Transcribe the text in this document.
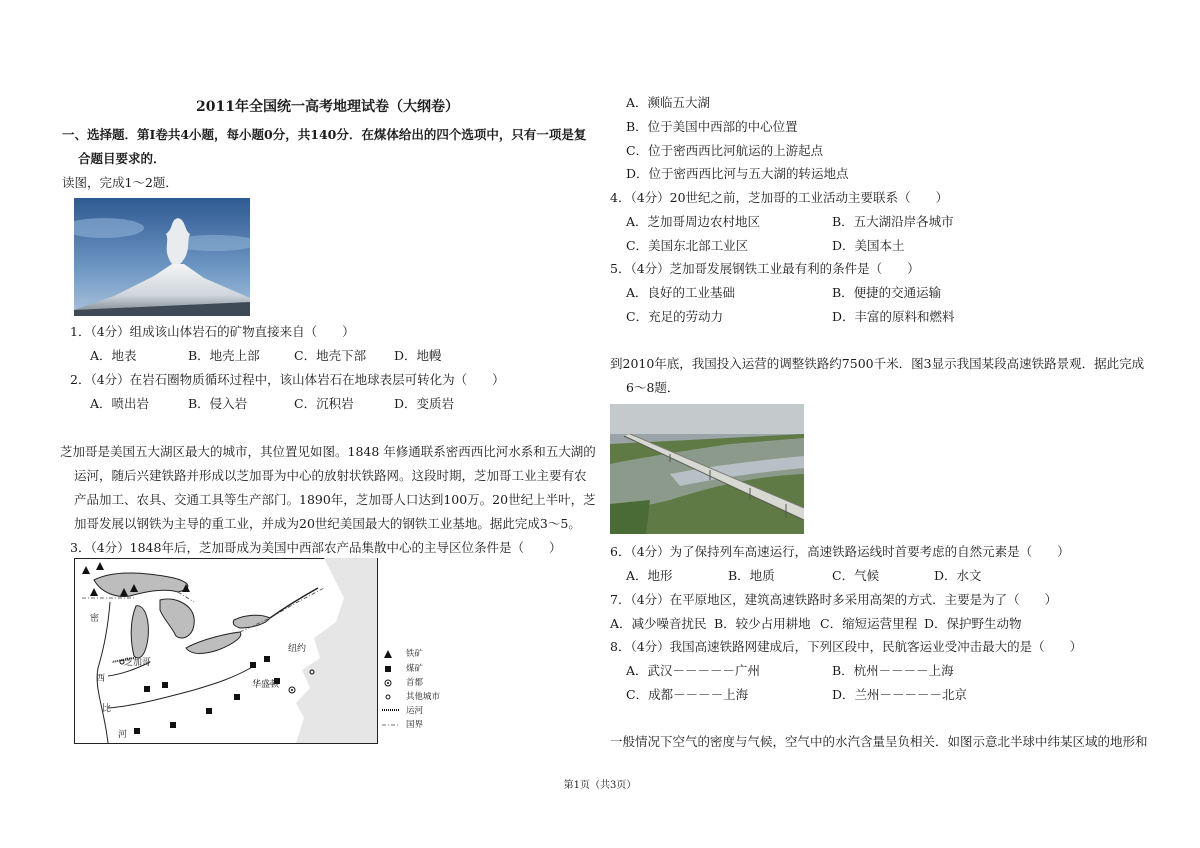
2011年全国统一高考地理试卷（大纲卷）
一、选择题．第Ⅰ卷共4小题，每小题0分，共140分．在煤体给出的四个选项中，只有一项是复
合题目要求的．
读图，完成1～2题．
1．（4分）组成该山体岩石的矿物直接来自（　　）
A．地表	B．地壳上部	C．地壳下部 D．地幔
2．（4分）在岩石圈物质循环过程中，该山体岩石在地球表层可转化为（　　）
A．喷出岩	B．侵入岩	C．沉积岩	D．变质岩
芝加哥是美国五大湖区最大的城市，其位置见如图。1848 年修通联系密西西比河水系和五大湖的
运河，随后兴建铁路并形成以芝加哥为中心的放射状铁路网。这段时期，芝加哥工业主要有农
产品加工、农具、交通工具等生产部门。1890年，芝加哥人口达到100万。20世纪上半叶，芝
加哥发展以钢铁为主导的重工业，并成为20世纪美国最大的钢铁工业基地。据此完成3～5。
3．（4分）1848年后，芝加哥成为美国中西部农产品集散中心的主导区位条件是（　　）
密
西
比
河
芝加哥
纽约
华盛顿
铁矿
煤矿
首都
其他城市
运河
国界
A．濒临五大湖
B．位于美国中西部的中心位置
C．位于密西西比河航运的上游起点
D．位于密西西比河与五大湖的转运地点
4．（4分）20世纪之前，芝加哥的工业活动主要联系（　　）
A．芝加哥周边农村地区	B．五大湖沿岸各城市
C．美国东北部工业区	D．美国本土
5．（4分）芝加哥发展钢铁工业最有利的条件是（　　）
A．良好的工业基础	B．便捷的交通运输
C．充足的劳动力	D．丰富的原料和燃料
到2010年底，我国投入运营的调整铁路约7500千米．图3显示我国某段高速铁路景观．据此完成
6～8题．
6．（4分）为了保持列车高速运行，高速铁路运线时首要考虑的自然元素是（　　）
A．地形	B．地质	C．气候	D．水文
7．（4分）在平原地区，建筑高速铁路时多采用高架的方式．主要是为了（　　）
A．减少噪音扰民 B．较少占用耕地 C．缩短运营里程 D．保护野生动物
8．（4分）我国高速铁路网建成后，下列区段中，民航客运业受冲击最大的是（　　）
A．武汉－－－－－广州	B．杭州－－－－上海
C．成都－－－－上海	D．兰州－－－－－北京
一般情况下空气的密度与气候，空气中的水汽含量呈负相关．如图示意北半球中纬某区域的地形和
第1页（共3页）
